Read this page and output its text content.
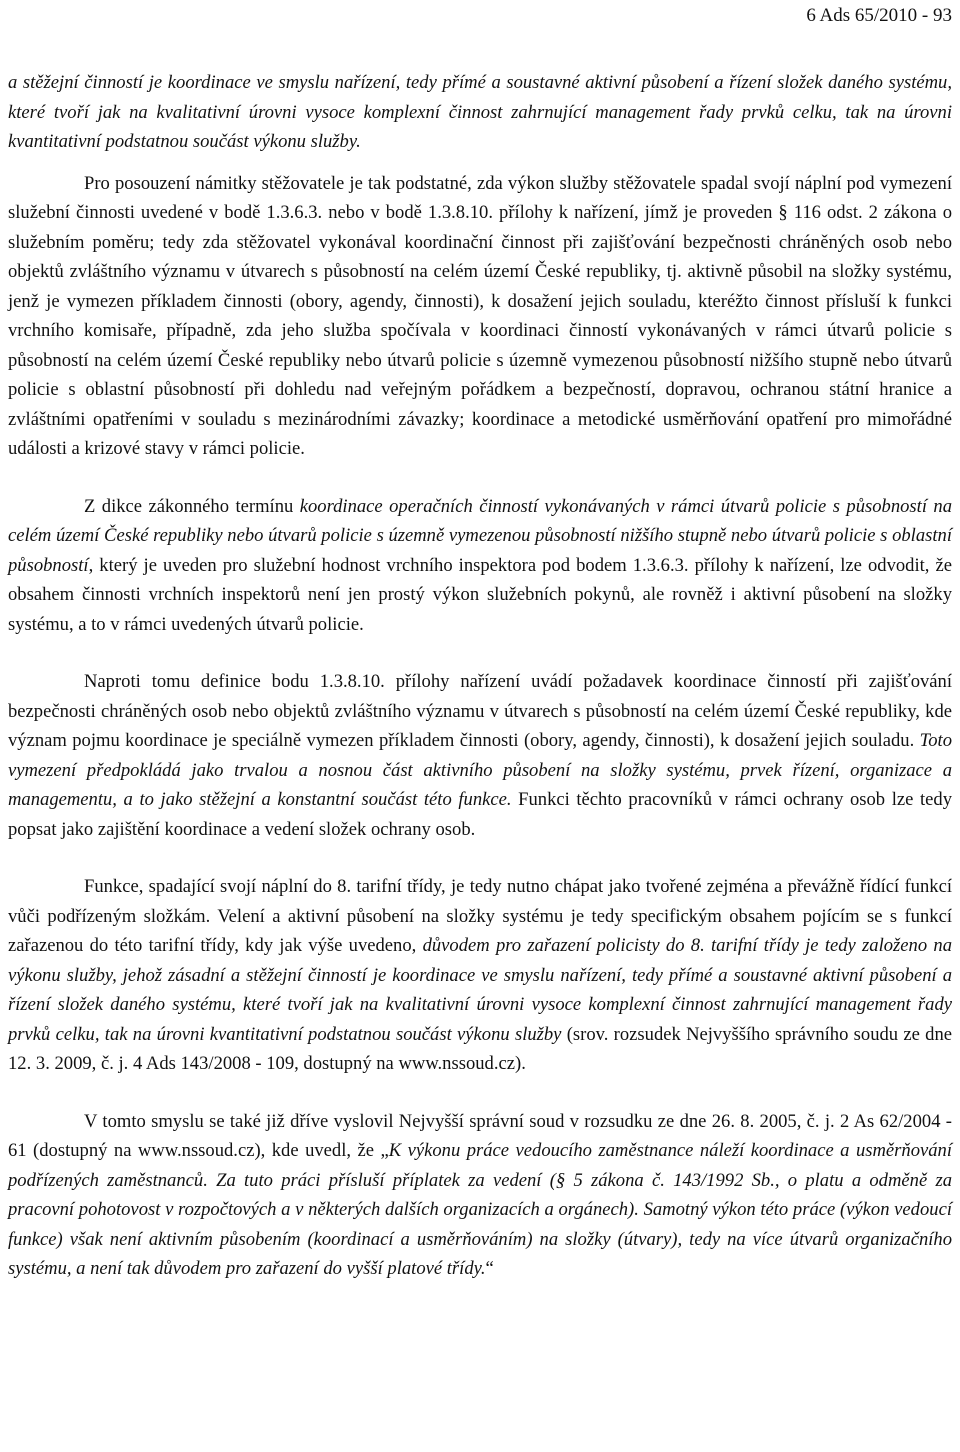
6 Ads 65/2010 - 93

a stěžejní činností je koordinace ve smyslu nařízení, tedy přímé a soustavné aktivní působení a řízení složek daného systému, které tvoří jak na kvalitativní úrovni vysoce komplexní činnost zahrnující management řady prvků celku, tak na úrovni kvantitativní podstatnou součást výkonu služby.

Pro posouzení námitky stěžovatele je tak podstatné, zda výkon služby stěžovatele spadal svojí náplní pod vymezení služební činnosti uvedené v bodě 1.3.6.3. nebo v bodě 1.3.8.10. přílohy k nařízení, jímž je proveden § 116 odst. 2 zákona o služebním poměru; tedy zda stěžovatel vykonával koordinační činnost při zajišťování bezpečnosti chráněných osob nebo objektů zvláštního významu v útvarech s působností na celém území České republiky, tj. aktivně působil na složky systému, jenž je vymezen příkladem činnosti (obory, agendy, činnosti), k dosažení jejich souladu, kteréžto činnost přísluší k funkci vrchního komisaře, případně, zda jeho služba spočívala v koordinaci činností vykonávaných v rámci útvarů policie s působností na celém území České republiky nebo útvarů policie s územně vymezenou působností nižšího stupně nebo útvarů policie s oblastní působností při dohledu nad veřejným pořádkem a bezpečností, dopravou, ochranou státní hranice a zvláštními opatřeními v souladu s mezinárodními závazky; koordinace a metodické usměrňování opatření pro mimořádné události a krizové stavy v rámci policie.

Z dikce zákonného termínu koordinace operačních činností vykonávaných v rámci útvarů policie s působností na celém území České republiky nebo útvarů policie s územně vymezenou působností nižšího stupně nebo útvarů policie s oblastní působností, který je uveden pro služební hodnost vrchního inspektora pod bodem 1.3.6.3. přílohy k nařízení, lze odvodit, že obsahem činnosti vrchních inspektorů není jen prostý výkon služebních pokynů, ale rovněž i aktivní působení na složky systému, a to v rámci uvedených útvarů policie.

Naproti tomu definice bodu 1.3.8.10. přílohy nařízení uvádí požadavek koordinace činností při zajišťování bezpečnosti chráněných osob nebo objektů zvláštního významu v útvarech s působností na celém území České republiky, kde význam pojmu koordinace je speciálně vymezen příkladem činnosti (obory, agendy, činnosti), k dosažení jejich souladu. Toto vymezení předpokládá jako trvalou a nosnou část aktivního působení na složky systému, prvek řízení, organizace a managementu, a to jako stěžejní a konstantní součást této funkce. Funkci těchto pracovníků v rámci ochrany osob lze tedy popsat jako zajištění koordinace a vedení složek ochrany osob.

Funkce, spadající svojí náplní do 8. tarifní třídy, je tedy nutno chápat jako tvořené zejména a převážně řídící funkcí vůči podřízeným složkám. Velení a aktivní působení na složky systému je tedy specifickým obsahem pojícím se s funkcí zařazenou do této tarifní třídy, kdy jak výše uvedeno, důvodem pro zařazení policisty do 8. tarifní třídy je tedy založeno na výkonu služby, jehož zásadní a stěžejní činností je koordinace ve smyslu nařízení, tedy přímé a soustavné aktivní působení a řízení složek daného systému, které tvoří jak na kvalitativní úrovni vysoce komplexní činnost zahrnující management řady prvků celku, tak na úrovni kvantitativní podstatnou součást výkonu služby (srov. rozsudek Nejvyššího správního soudu ze dne 12. 3. 2009, č. j. 4 Ads 143/2008 - 109, dostupný na www.nssoud.cz).

V tomto smyslu se také již dříve vyslovil Nejvyšší správní soud v rozsudku ze dne 26. 8. 2005, č. j. 2 As 62/2004 - 61 (dostupný na www.nssoud.cz), kde uvedl, že „K výkonu práce vedoucího zaměstnance náleží koordinace a usměrňování podřízených zaměstnanců. Za tuto práci přísluší příplatek za vedení (§ 5 zákona č. 143/1992 Sb., o platu a odměně za pracovní pohotovost v rozpočtových a v některých dalších organizacích a orgánech). Samotný výkon této práce (výkon vedoucí funkce) však není aktivním působením (koordinací a usměrňováním) na složky (útvary), tedy na více útvarů organizačního systému, a není tak důvodem pro zařazení do vyšší platové třídy.“
